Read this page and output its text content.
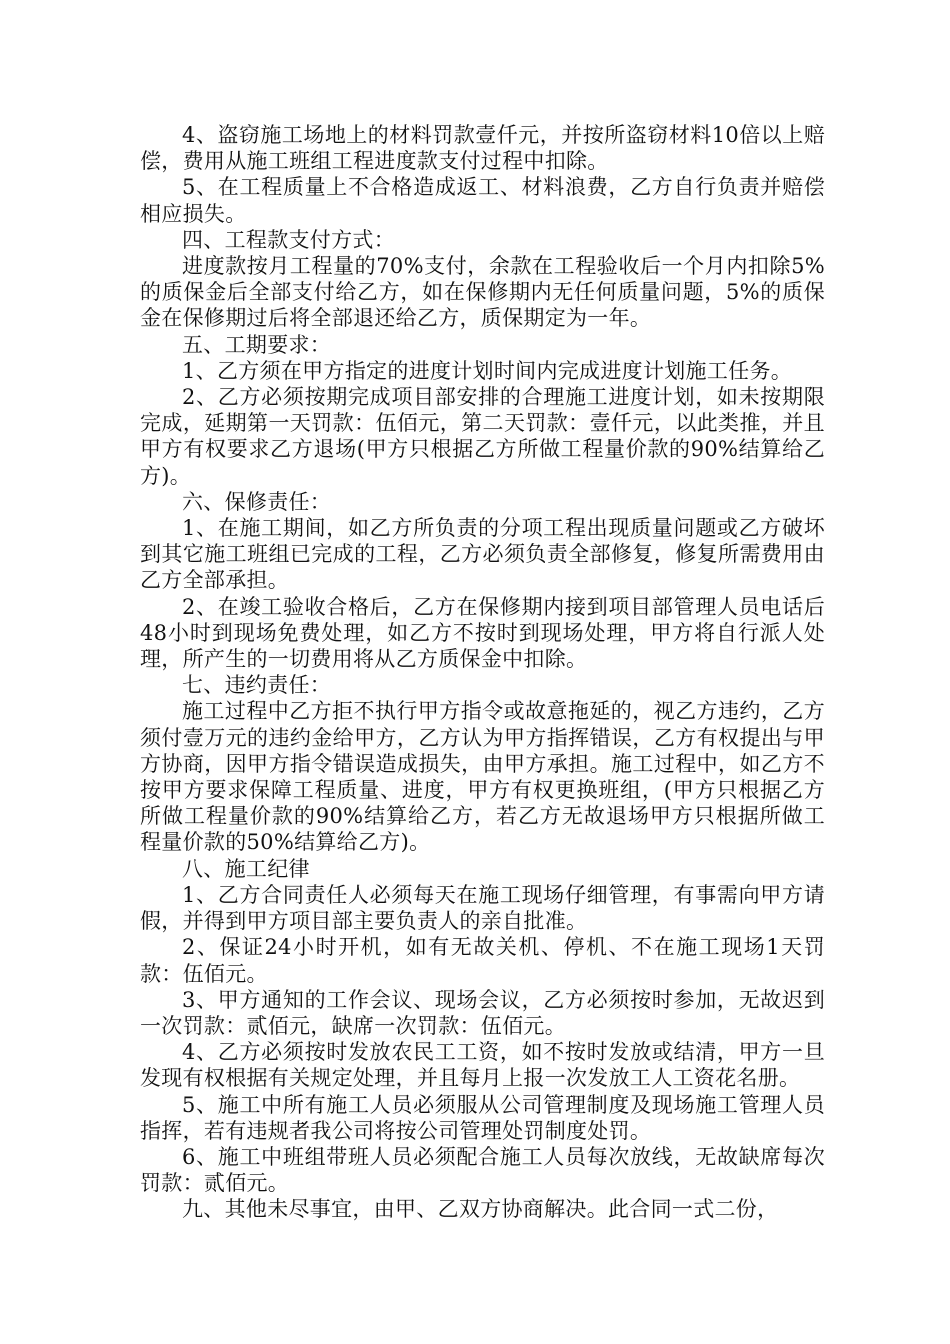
4、盗窃施工场地上的材料罚款壹仟元，并按所盗窃材料10倍以上赔偿，费用从施工班组工程进度款支付过程中扣除。

5、在工程质量上不合格造成返工、材料浪费，乙方自行负责并赔偿相应损失。

四、工程款支付方式：

进度款按月工程量的70%支付，余款在工程验收后一个月内扣除5%的质保金后全部支付给乙方，如在保修期内无任何质量问题，5%的质保金在保修期过后将全部退还给乙方，质保期定为一年。

五、工期要求：

1、乙方须在甲方指定的进度计划时间内完成进度计划施工任务。

2、乙方必须按期完成项目部安排的合理施工进度计划，如未按期限完成，延期第一天罚款：伍佰元，第二天罚款：壹仟元，以此类推，并且甲方有权要求乙方退场(甲方只根据乙方所做工程量价款的90%结算给乙方)。

六、保修责任：

1、在施工期间，如乙方所负责的分项工程出现质量问题或乙方破坏到其它施工班组已完成的工程，乙方必须负责全部修复，修复所需费用由乙方全部承担。

2、在竣工验收合格后，乙方在保修期内接到项目部管理人员电话后48小时到现场免费处理，如乙方不按时到现场处理，甲方将自行派人处理，所产生的一切费用将从乙方质保金中扣除。

七、违约责任：

施工过程中乙方拒不执行甲方指令或故意拖延的，视乙方违约，乙方须付壹万元的违约金给甲方，乙方认为甲方指挥错误，乙方有权提出与甲方协商，因甲方指令错误造成损失，由甲方承担。施工过程中，如乙方不按甲方要求保障工程质量、进度，甲方有权更换班组，(甲方只根据乙方所做工程量价款的90%结算给乙方，若乙方无故退场甲方只根据所做工程量价款的50%结算给乙方)。

八、施工纪律

1、乙方合同责任人必须每天在施工现场仔细管理，有事需向甲方请假，并得到甲方项目部主要负责人的亲自批准。

2、保证24小时开机，如有无故关机、停机、不在施工现场1天罚款：伍佰元。

3、甲方通知的工作会议、现场会议，乙方必须按时参加，无故迟到一次罚款：贰佰元，缺席一次罚款：伍佰元。

4、乙方必须按时发放农民工工资，如不按时发放或结清，甲方一旦发现有权根据有关规定处理，并且每月上报一次发放工人工资花名册。

5、施工中所有施工人员必须服从公司管理制度及现场施工管理人员指挥，若有违规者我公司将按公司管理处罚制度处罚。

6、施工中班组带班人员必须配合施工人员每次放线，无故缺席每次罚款：贰佰元。

九、其他未尽事宜，由甲、乙双方协商解决。此合同一式二份，
